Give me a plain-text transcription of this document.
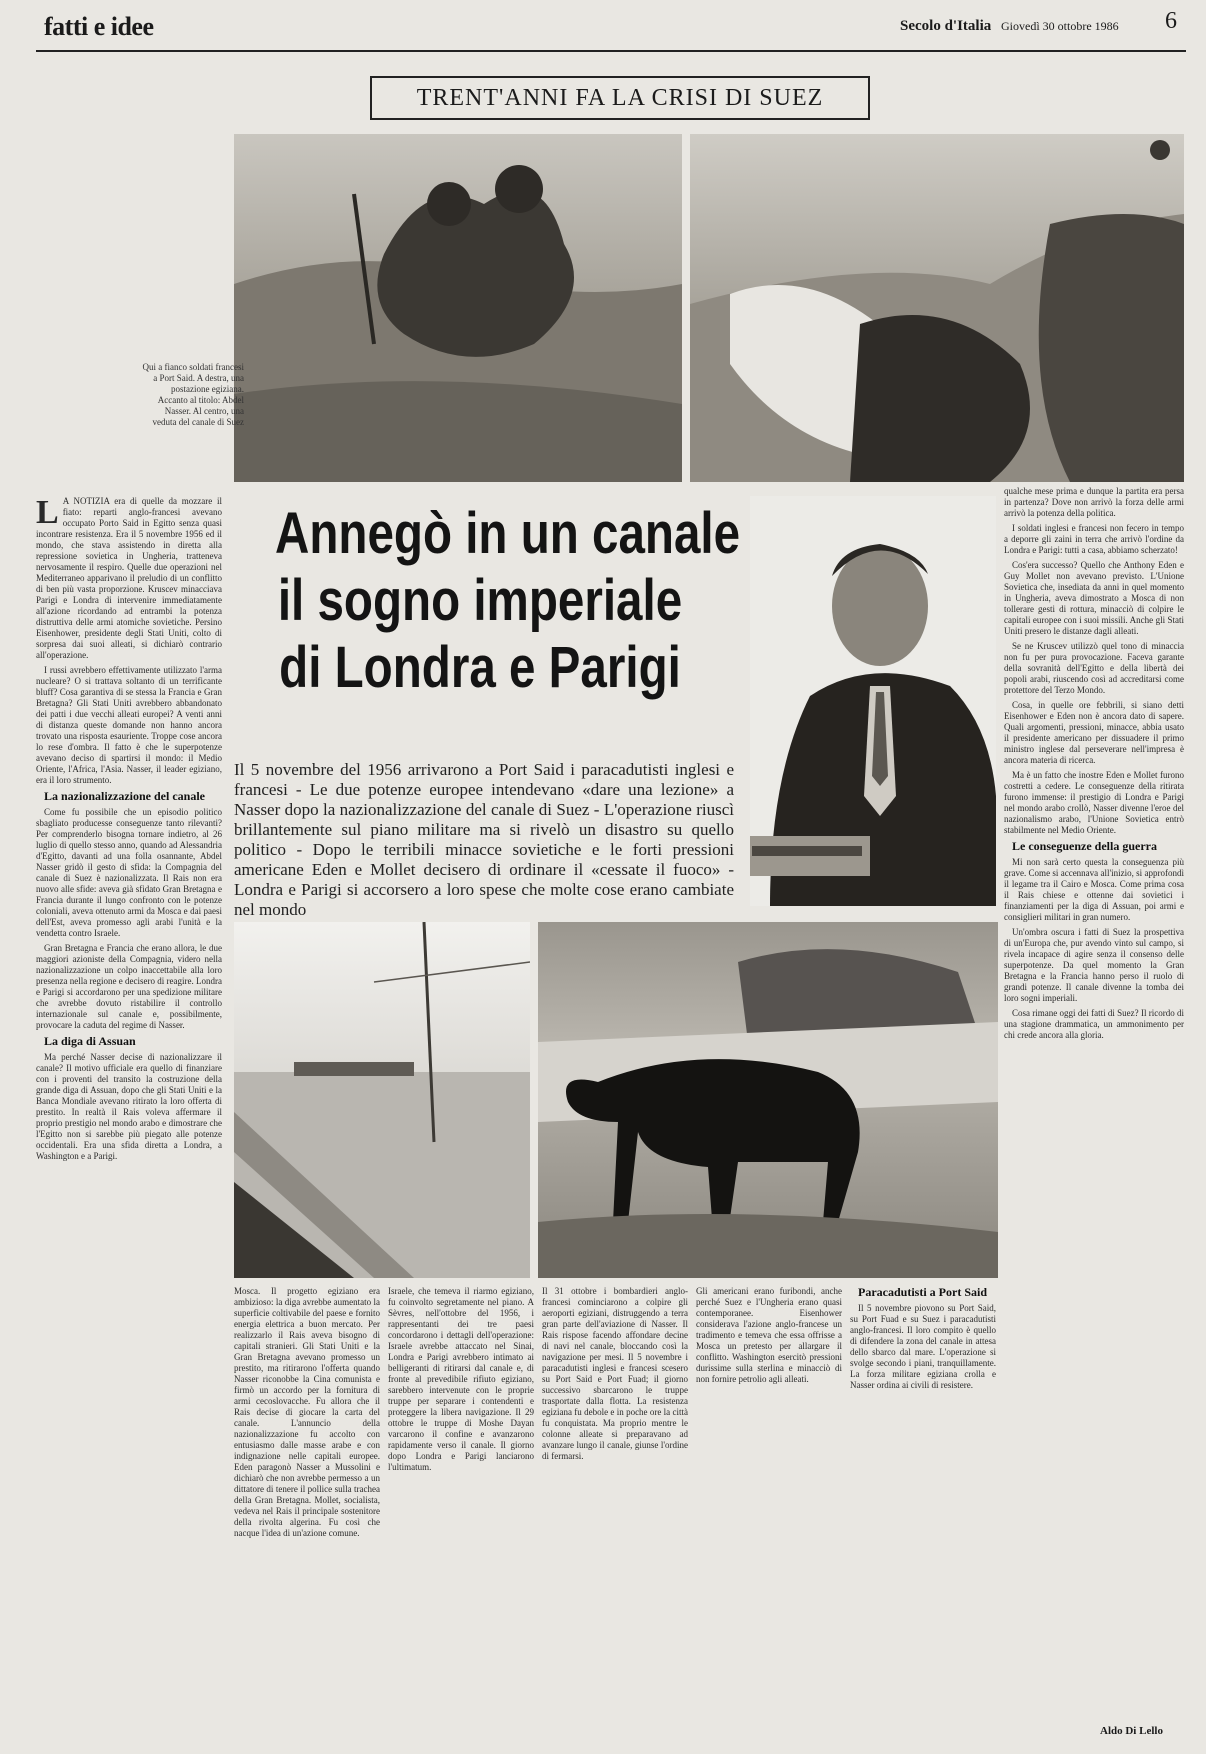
fatti e idee	Secolo d'Italia Giovedì 30 ottobre 1986 6
TRENT'ANNI FA LA CRISI DI SUEZ
Qui a fianco soldati francesi a Port Said. A destra, una postazione egiziana. Accanto al titolo: Abdel Nasser. Al centro, una veduta del canale di Suez
Annegò in un canale
il sogno imperiale
di Londra e Parigi
Il 5 novembre del 1956 arrivarono a Port Said i paracadutisti inglesi e francesi - Le due potenze europee intendevano «dare una lezione» a Nasser dopo la nazionalizzazione del canale di Suez - L'operazione riuscì brillantemente sul piano militare ma si rivelò un disastro su quello politico - Dopo le terribili minacce sovietiche e le forti pressioni americane Eden e Mollet decisero di ordinare il «cessate il fuoco» - Londra e Parigi si accorsero a loro spese che molte cose erano cambiate nel mondo

L A NOTIZIA era di quelle da mozzare il fiato: reparti anglo-francesi avevano occupato Porto Said in Egitto senza quasi incontrare resistenza. Era il 5 novembre 1956 ed il mondo, che stava assistendo in diretta alla repressione sovietica in Ungheria, tratteneva nervosamente il respiro. Quelle due operazioni nel Mediterraneo apparivano il preludio di un conflitto di ben più vasta proporzione. Kruscev minacciava Parigi e Londra di intervenire immediatamente all'azione ricordando ad entrambi la potenza distruttiva delle armi atomiche sovietiche. Persino Eisenhower, presidente degli Stati Uniti, colto di sorpresa dai suoi alleati, si dichiarò contrario all'operazione.

I russi avrebbero effettivamente utilizzato l'arma nucleare? O si trattava soltanto di un terrificante bluff? Cosa garantiva di se stessa la Francia e Gran Bretagna? Gli Stati Uniti avrebbero abbandonato dei patti i due vecchi alleati europei? A venti anni di distanza queste domande non hanno ancora trovato una risposta esauriente. Troppe cose ancora lo rese d'ombra. Il fatto è che le superpotenze avevano deciso di spartirsi il mondo: il Medio Oriente, l'Africa, l'Asia. Nasser, il leader egiziano, era il loro strumento.

La nazionalizzazione del canale

Come fu possibile che un episodio politico sbagliato producesse conseguenze tanto rilevanti? Per comprenderlo bisogna tornare indietro, al 26 luglio di quello stesso anno, quando ad Alessandria d'Egitto, davanti ad una folla osannante, Abdel Nasser gridò il gesto di sfida: la Compagnia del canale di Suez è nazionalizzata. Il Rais non era nuovo alle sfide: aveva già sfidato Gran Bretagna e Francia durante il lungo confronto con le potenze coloniali, aveva ottenuto armi da Mosca e dai paesi dell'Est, aveva promesso agli arabi l'unità e la vendetta contro Israele.

Gran Bretagna e Francia che erano allora, le due maggiori azioniste della Compagnia, videro nella nazionalizzazione un colpo inaccettabile alla loro presenza nella regione e decisero di reagire. Londra e Parigi si accordarono per una spedizione militare che avrebbe dovuto ristabilire il controllo internazionale sul canale e, possibilmente, provocare la caduta del regime di Nasser.

La diga di Assuan

Ma perché Nasser decise di nazionalizzare il canale? Il motivo ufficiale era quello di finanziare con i proventi del transito la costruzione della grande diga di Assuan, dopo che gli Stati Uniti e la Banca Mondiale avevano ritirato la loro offerta di prestito. In realtà il Rais voleva affermare il proprio prestigio nel mondo arabo e dimostrare che l'Egitto non si sarebbe più piegato alle potenze occidentali. Era una sfida diretta a Londra, a Washington e a Parigi.

qualche mese prima e dunque la partita era persa in partenza? Dove non arrivò la forza delle armi arrivò la potenza della politica.

I soldati inglesi e francesi non fecero in tempo a deporre gli zaini in terra che arrivò l'ordine da Londra e Parigi: tutti a casa, abbiamo scherzato!

Cos'era successo? Quello che Anthony Eden e Guy Mollet non avevano previsto. L'Unione Sovietica che, insediata da anni in quel momento in Ungheria, aveva dimostrato a Mosca di non tollerare gesti di rottura, minacciò di colpire le capitali europee con i suoi missili. Anche gli Stati Uniti presero le distanze dagli alleati.

Se ne Kruscev utilizzò quel tono di minaccia non fu per pura provocazione. Faceva garante della sovranità dell'Egitto e della libertà dei popoli arabi, riuscendo così ad accreditarsi come protettore del Terzo Mondo.

Cosa, in quelle ore febbrili, si siano detti Eisenhower e Eden non è ancora dato di sapere. Quali argomenti, pressioni, minacce, abbia usato il presidente americano per dissuadere il primo ministro inglese dal perseverare nell'impresa è ancora materia di ricerca.

Ma è un fatto che inostre Eden e Mollet furono costretti a cedere. Le conseguenze della ritirata furono immense: il prestigio di Londra e Parigi nel mondo arabo crollò, Nasser divenne l'eroe del nazionalismo arabo, l'Unione Sovietica entrò stabilmente nel Medio Oriente.

Le conseguenze della guerra

Mi non sarà certo questa la conseguenza più grave. Come si accennava all'inizio, si approfondì il legame tra il Cairo e Mosca. Come prima cosa il Rais chiese e ottenne dai sovietici i finanziamenti per la diga di Assuan, poi armi e consiglieri militari in gran numero.

Un'ombra oscura i fatti di Suez la prospettiva di un'Europa che, pur avendo vinto sul campo, si rivela incapace di agire senza il consenso delle superpotenze. Da quel momento la Gran Bretagna e la Francia hanno perso il ruolo di grandi potenze. Il canale divenne la tomba dei loro sogni imperiali.

Cosa rimane oggi dei fatti di Suez? Il ricordo di una stagione drammatica, un ammonimento per chi crede ancora alla gloria.

Mosca. Il progetto egiziano era ambizioso: la diga avrebbe aumentato la superficie coltivabile del paese e fornito energia elettrica a buon mercato. Per realizzarlo il Rais aveva bisogno di capitali stranieri. Gli Stati Uniti e la Gran Bretagna avevano promesso un prestito, ma ritirarono l'offerta quando Nasser riconobbe la Cina comunista e firmò un accordo per la fornitura di armi cecoslovacche. Fu allora che il Rais decise di giocare la carta del canale. L'annuncio della nazionalizzazione fu accolto con entusiasmo dalle masse arabe e con indignazione nelle capitali europee. Eden paragonò Nasser a Mussolini e dichiarò che non avrebbe permesso a un dittatore di tenere il pollice sulla trachea della Gran Bretagna. Mollet, socialista, vedeva nel Rais il principale sostenitore della rivolta algerina. Fu così che nacque l'idea di un'azione comune.

Israele, che temeva il riarmo egiziano, fu coinvolto segretamente nel piano. A Sèvres, nell'ottobre del 1956, i rappresentanti dei tre paesi concordarono i dettagli dell'operazione: Israele avrebbe attaccato nel Sinai, Londra e Parigi avrebbero intimato ai belligeranti di ritirarsi dal canale e, di fronte al prevedibile rifiuto egiziano, sarebbero intervenute con le proprie truppe per separare i contendenti e proteggere la libera navigazione. Il 29 ottobre le truppe di Moshe Dayan varcarono il confine e avanzarono rapidamente verso il canale. Il giorno dopo Londra e Parigi lanciarono l'ultimatum.

Il 31 ottobre i bombardieri anglo-francesi cominciarono a colpire gli aeroporti egiziani, distruggendo a terra gran parte dell'aviazione di Nasser. Il Rais rispose facendo affondare decine di navi nel canale, bloccando così la navigazione per mesi. Il 5 novembre i paracadutisti inglesi e francesi scesero su Port Said e Port Fuad; il giorno successivo sbarcarono le truppe trasportate dalla flotta. La resistenza egiziana fu debole e in poche ore la città fu conquistata. Ma proprio mentre le colonne alleate si preparavano ad avanzare lungo il canale, giunse l'ordine di fermarsi.

Gli americani erano furibondi, anche perché Suez e l'Ungheria erano quasi contemporanee. Eisenhower considerava l'azione anglo-francese un tradimento e temeva che essa offrisse a Mosca un pretesto per allargare il conflitto. Washington esercitò pressioni durissime sulla sterlina e minacciò di non fornire petrolio agli alleati.

Paracadutisti a Port Said

Il 5 novembre piovono su Port Said, su Port Fuad e su Suez i paracadutisti anglo-francesi. Il loro compito è quello di difendere la zona del canale in attesa dello sbarco dal mare. L'operazione si svolge secondo i piani, tranquillamente. La forza militare egiziana crolla e Nasser ordina ai civili di resistere.

Aldo Di Lello
